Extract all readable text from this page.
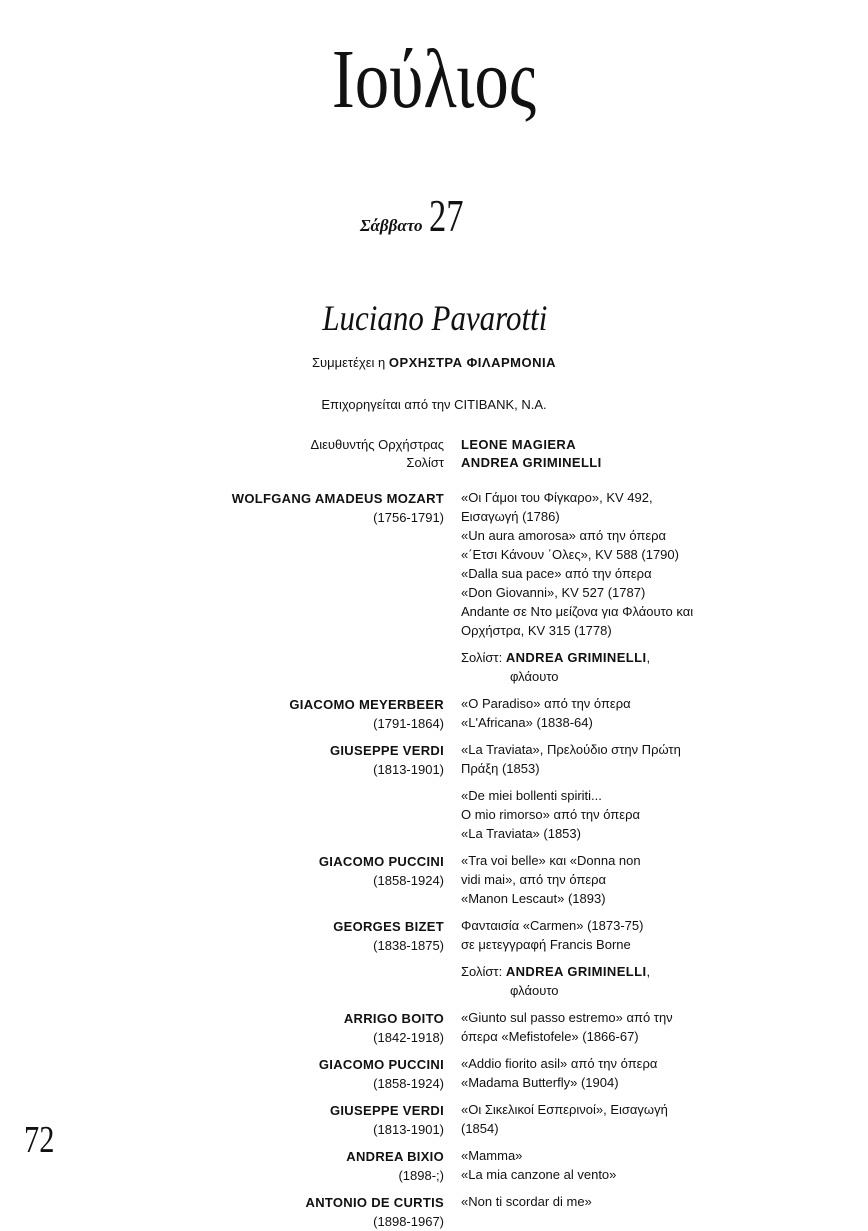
Ιούλιος
Σάββατο 27
Luciano Pavarotti
Συμμετέχει η ΟΡΧΗΣΤΡΑ ΦΙΛΑΡΜΟΝΙΑ
Επιχορηγείται από την CITIBANK, N.A.
Διευθυντής Ορχήστρας LEONE MAGIERA
Σολίστ ANDREA GRIMINELLI
WOLFGANG AMADEUS MOZART
(1756-1791)
«Οι Γάμοι του Φίγκαρο», KV 492,
Εισαγωγή (1786)
«Un aura amorosa» από την όπερα
«΄Ετσι Κάνουν ΄Ολες», KV 588 (1790)
«Dalla sua pace» από την όπερα
«Don Giovanni», KV 527 (1787)
Andante σε Ντο μείζονα για Φλάουτο και
Ορχήστρα, KV 315 (1778)
Σολίστ: ANDREA GRIMINELLI,
φλάουτο
GIACOMO MEYERBEER
(1791-1864)
«O Paradiso» από την όπερα
«L'Africana» (1838-64)
GIUSEPPE VERDI
(1813-1901)
«La Traviata», Πρελούδιο στην Πρώτη
Πράξη (1853)
«De miei bollenti spiriti...
O mio rimorso» από την όπερα
«La Traviata» (1853)
GIACOMO PUCCINI
(1858-1924)
«Tra voi belle» και «Donna non
vidi mai», από την όπερα
«Manon Lescaut» (1893)
GEORGES BIZET
(1838-1875)
Φανταισία «Carmen» (1873-75)
σε μετεγγραφή Francis Borne
Σολίστ: ANDREA GRIMINELLI,
φλάουτο
ARRIGO BOITO
(1842-1918)
«Giunto sul passo estremo» από την
όπερα «Mefistofele» (1866-67)
GIACOMO PUCCINI
(1858-1924)
«Addio fiorito asil» από την όπερα
«Madama Butterfly» (1904)
GIUSEPPE VERDI
(1813-1901)
«Οι Σικελικοί Εσπερινοί», Εισαγωγή
(1854)
ANDREA BIXIO
(1898-;)
«Mamma»
«La mia canzone al vento»
ANTONIO DE CURTIS
(1898-1967)
«Non ti scordar di me»
72
